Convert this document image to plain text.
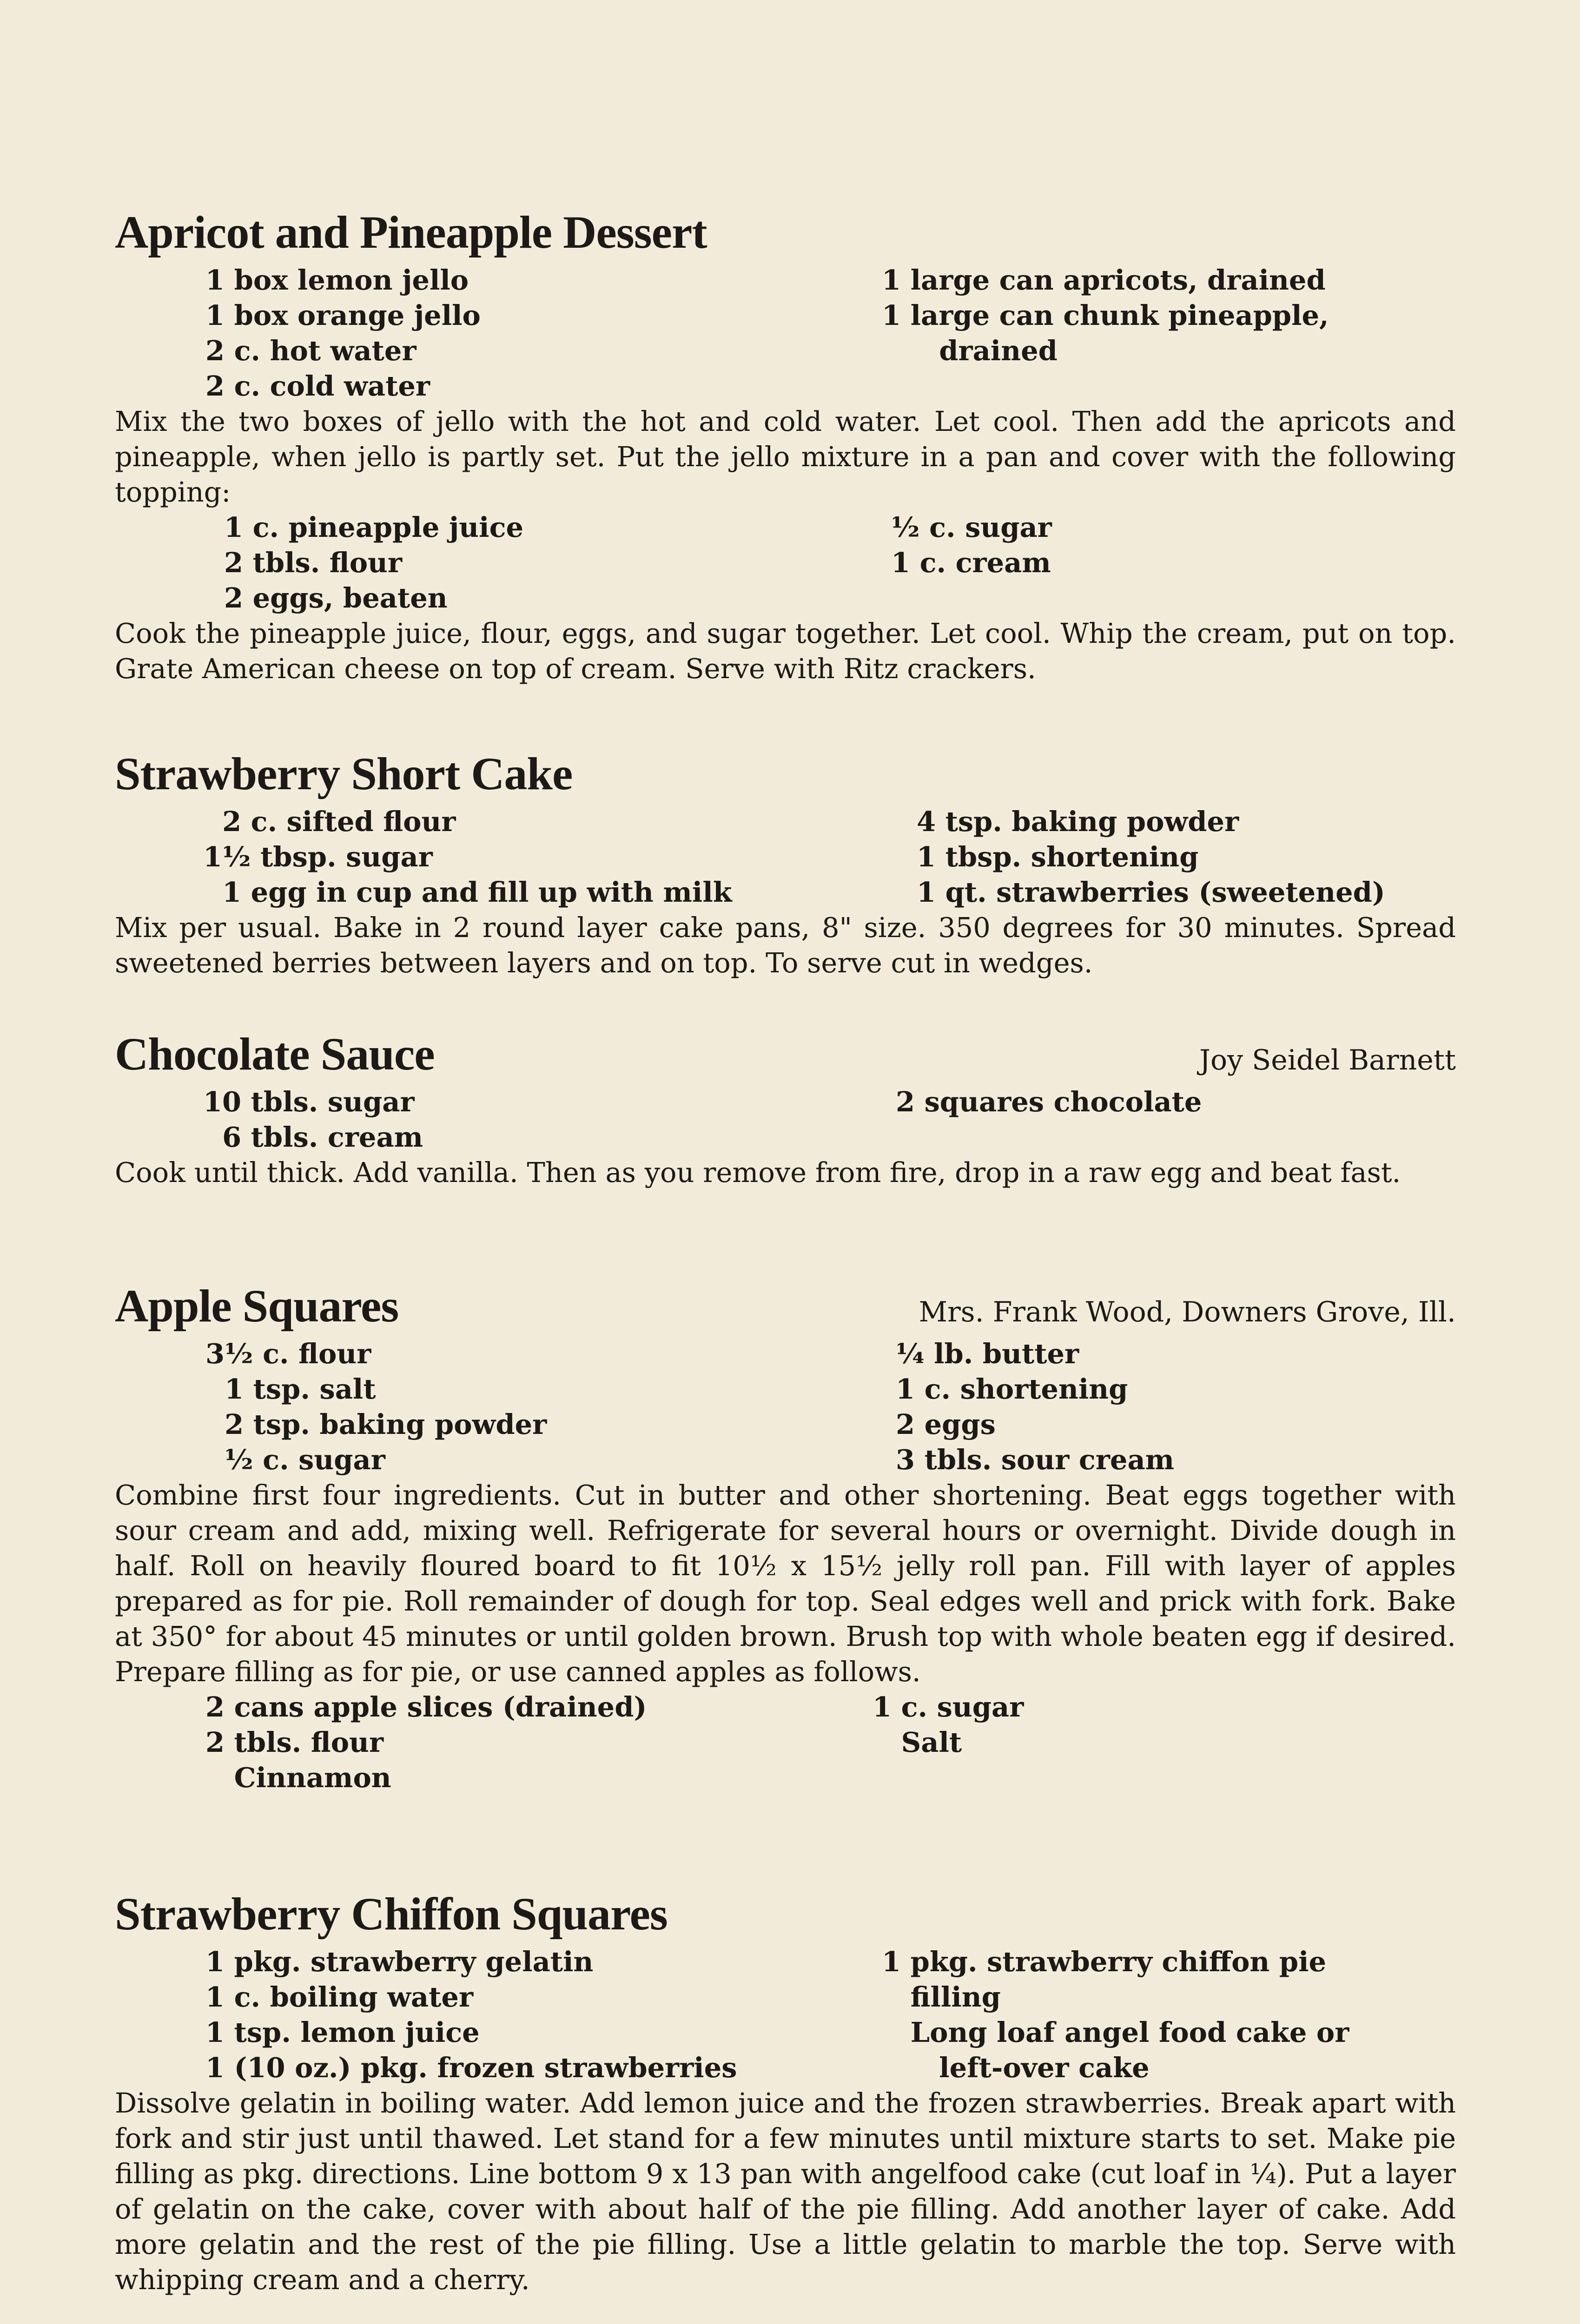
Apricot and Pineapple Dessert
1 box lemon jello
1 box orange jello
2 c. hot water
2 c. cold water
1 large can apricots, drained
1 large can chunk pineapple,
drained

Mix the two boxes of jello with the hot and cold water. Let cool. Then add the apricots and pineapple, when jello is partly set. Put the jello mixture in a pan and cover with the following topping:

1 c. pineapple juice
2 tbls. flour
2 eggs, beaten
½ c. sugar
1 c. cream

Cook the pineapple juice, flour, eggs, and sugar together. Let cool. Whip the cream, put on top. Grate American cheese on top of cream. Serve with Ritz crackers.

Strawberry Short Cake
2 c. sifted flour
1½ tbsp. sugar
1 egg in cup and fill up with milk
4 tsp. baking powder
1 tbsp. shortening
1 qt. strawberries (sweetened)

Mix per usual. Bake in 2 round layer cake pans, 8" size. 350 degrees for 30 minutes. Spread sweetened berries between layers and on top. To serve cut in wedges.

Chocolate Sauce	Joy Seidel Barnett
10 tbls. sugar
6 tbls. cream
2 squares chocolate

Cook until thick. Add vanilla. Then as you remove from fire, drop in a raw egg and beat fast.

Apple Squares	Mrs. Frank Wood, Downers Grove, Ill.
3½ c. flour
1 tsp. salt
2 tsp. baking powder
½ c. sugar
¼ lb. butter
1 c. shortening
2 eggs
3 tbls. sour cream

Combine first four ingredients. Cut in butter and other shortening. Beat eggs together with sour cream and add, mixing well. Refrigerate for several hours or overnight. Divide dough in half. Roll on heavily floured board to fit 10½ x 15½ jelly roll pan. Fill with layer of apples prepared as for pie. Roll remainder of dough for top. Seal edges well and prick with fork. Bake at 350° for about 45 minutes or until golden brown. Brush top with whole beaten egg if desired. Prepare filling as for pie, or use canned apples as follows.

2 cans apple slices (drained)
2 tbls. flour
Cinnamon
1 c. sugar
Salt
Strawberry Chiffon Squares
1 pkg. strawberry gelatin
1 c. boiling water
1 tsp. lemon juice
1 (10 oz.) pkg. frozen strawberries
1 pkg. strawberry chiffon pie
filling
Long loaf angel food cake or
left-over cake

Dissolve gelatin in boiling water. Add lemon juice and the frozen strawberries. Break apart with fork and stir just until thawed. Let stand for a few minutes until mixture starts to set. Make pie filling as pkg. directions. Line bottom 9 x 13 pan with angelfood cake (cut loaf in ¼). Put a layer of gelatin on the cake, cover with about half of the pie filling. Add another layer of cake. Add more gelatin and the rest of the pie filling. Use a little gelatin to marble the top. Serve with whipping cream and a cherry.
